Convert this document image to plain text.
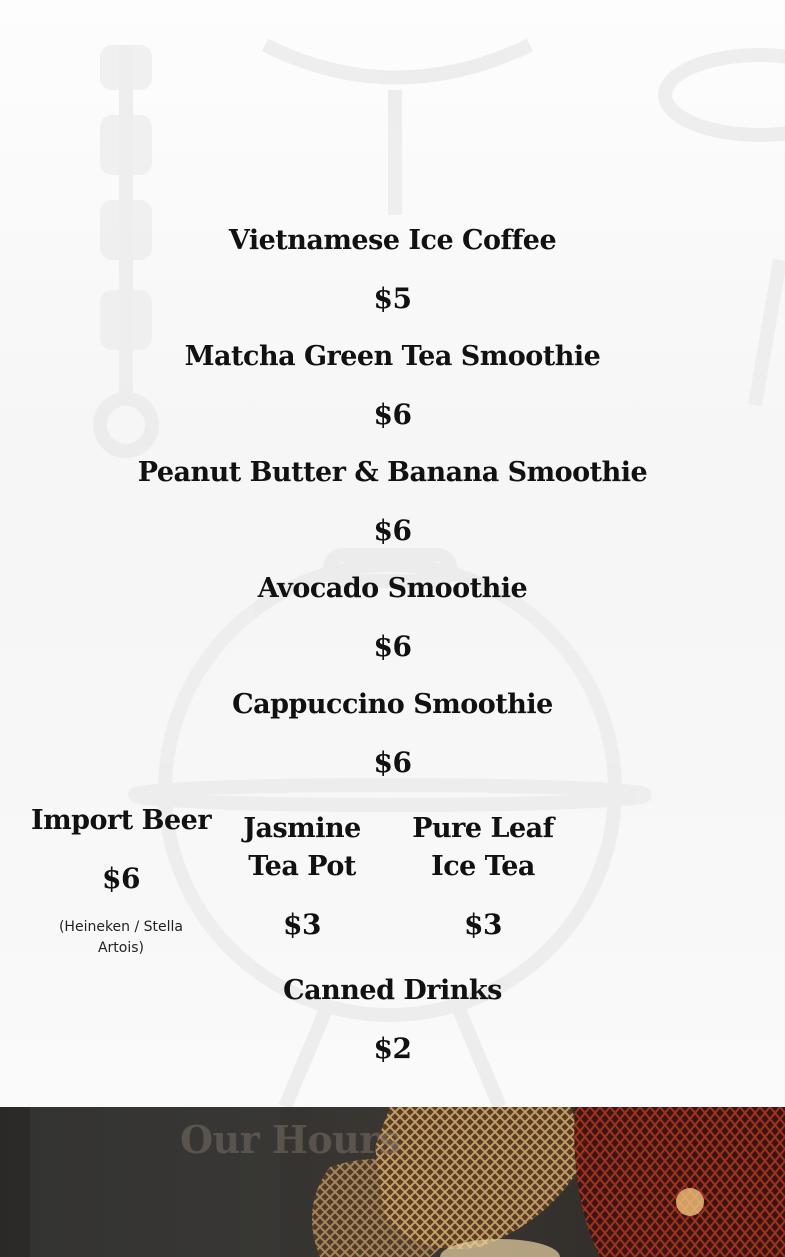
Vietnamese Ice Coffee
$5
Matcha Green Tea Smoothie
$6
Peanut Butter & Banana Smoothie
$6
Avocado Smoothie
$6
Cappuccino Smoothie
$6
Import Beer
$6
(Heineken / Stella Artois)
Jasmine Tea Pot
$3
Pure Leaf Ice Tea
$3
Canned Drinks
$2
Our Hours
